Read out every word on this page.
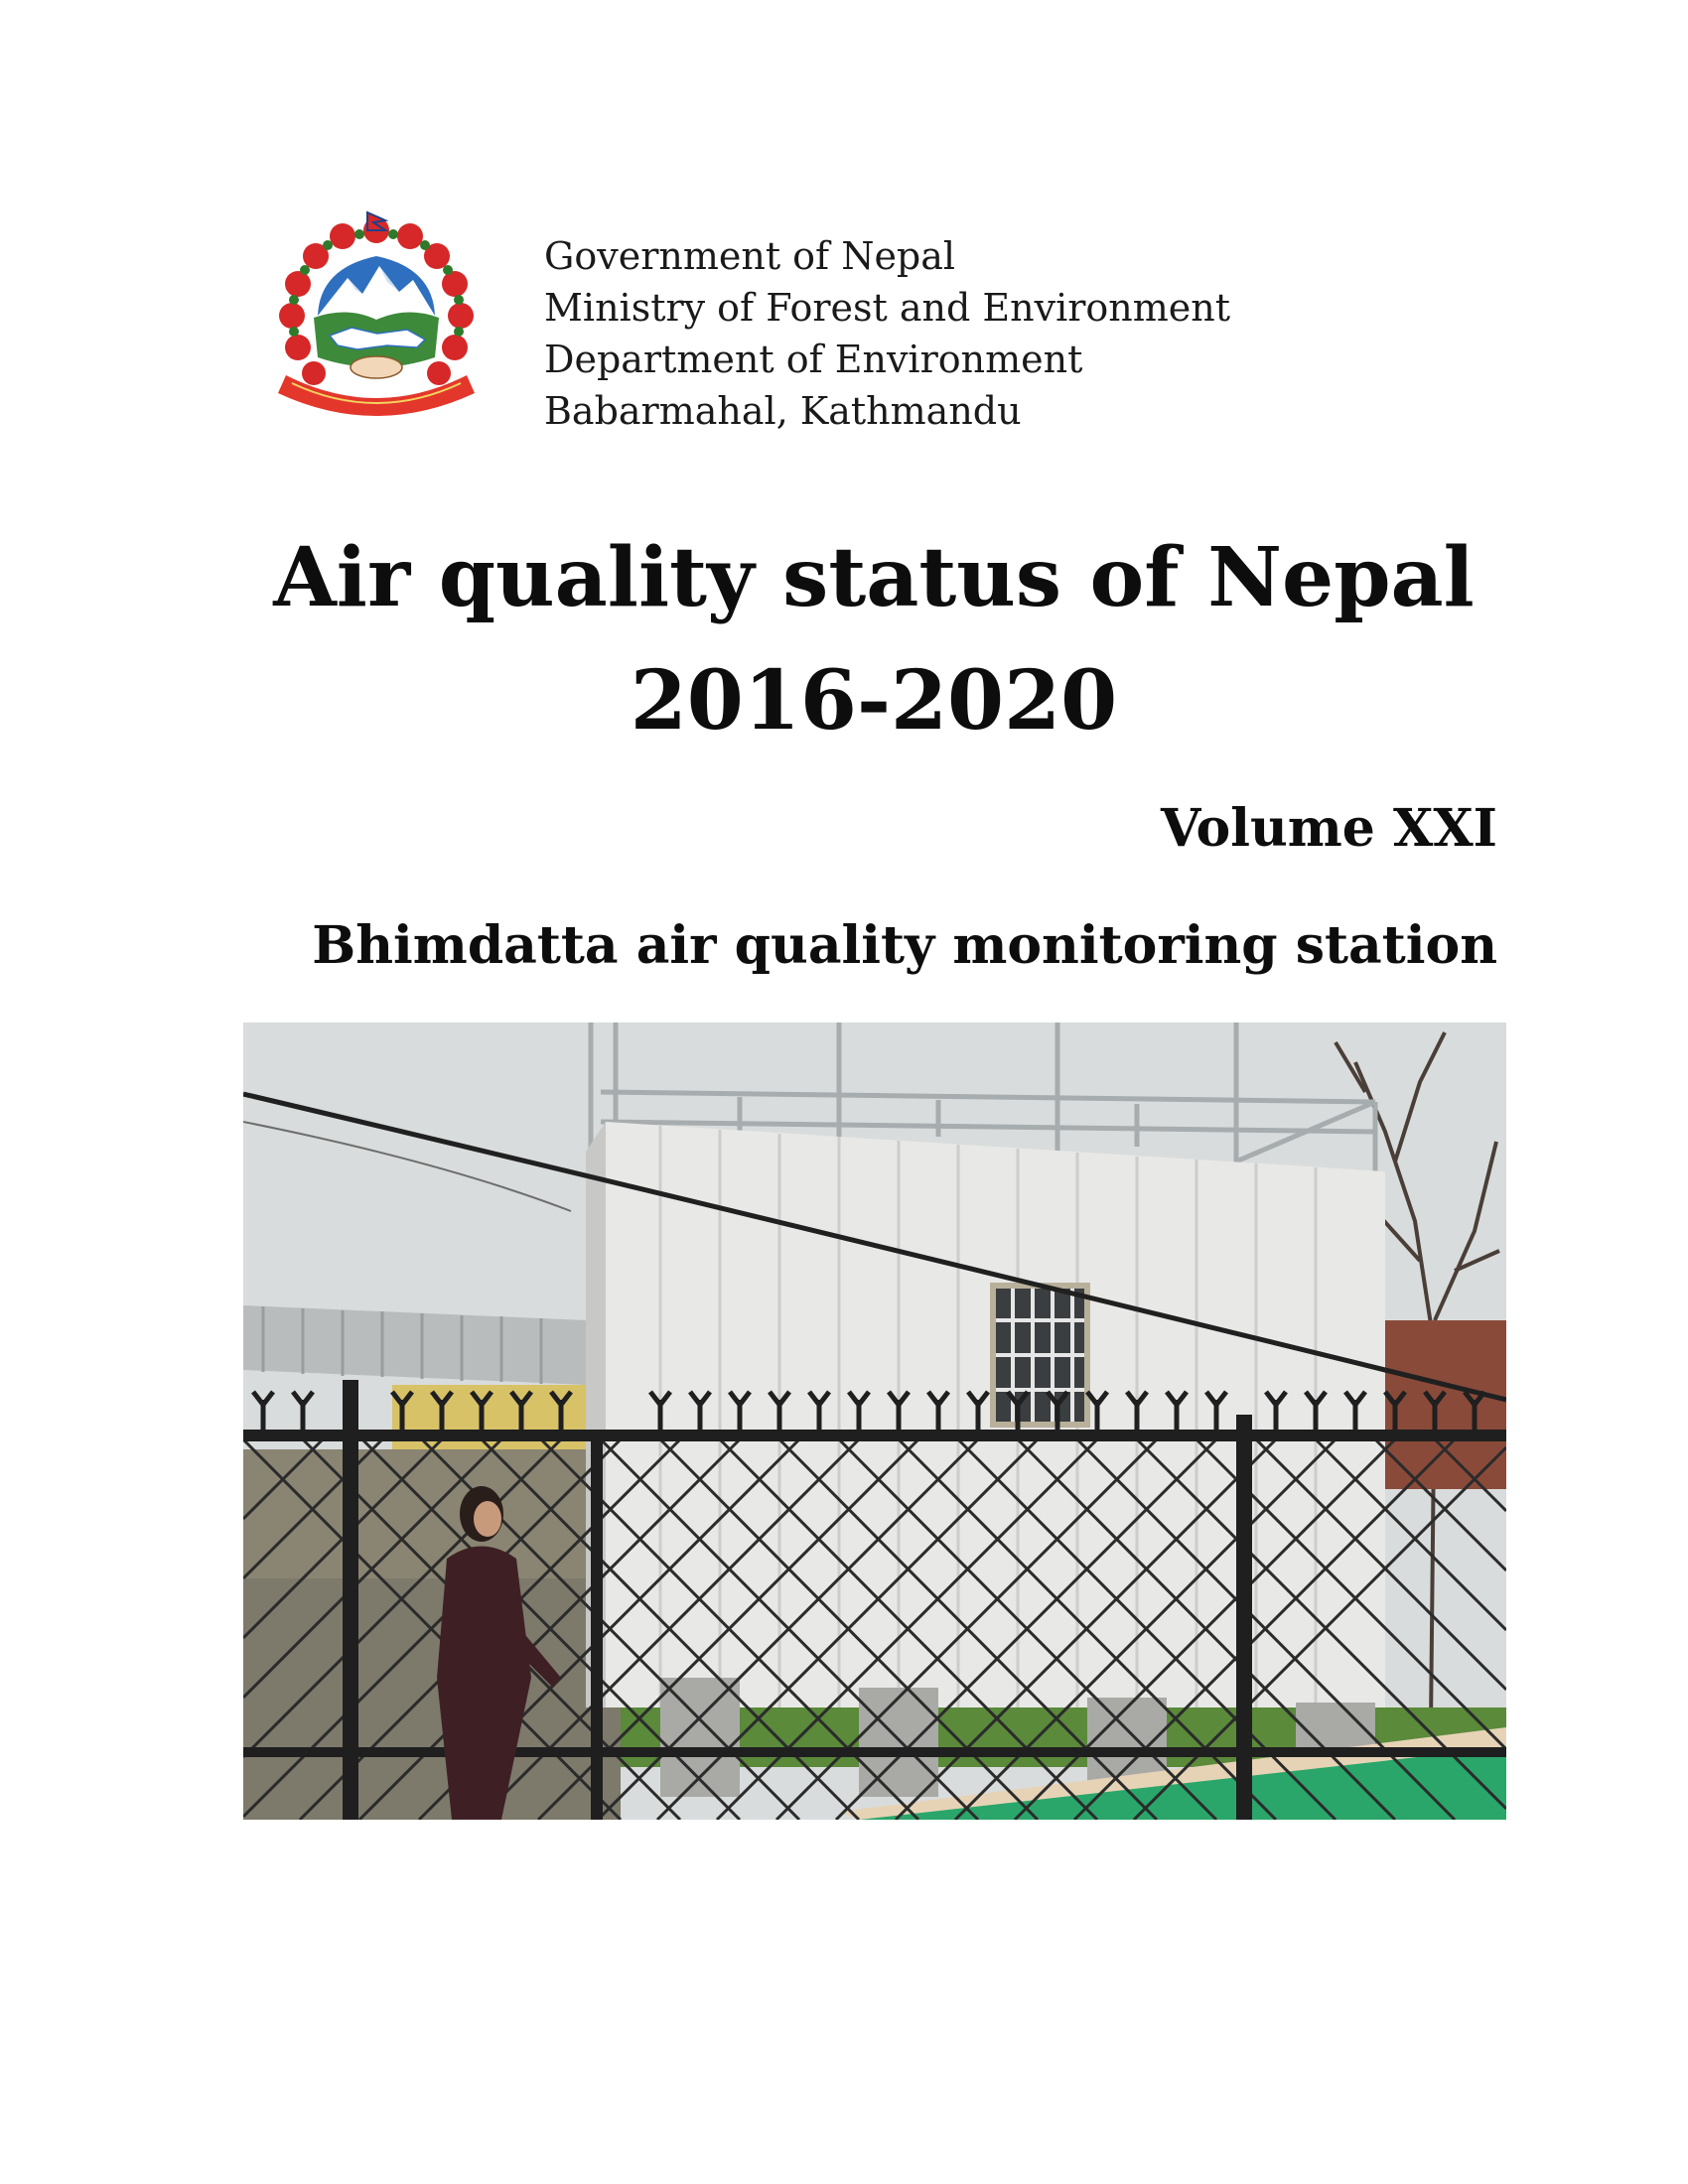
Government of Nepal
Ministry of Forest and Environment
Department of Environment
Babarmahal, Kathmandu
Air quality status of Nepal
2016-2020
Volume XXI
Bhimdatta air quality monitoring station
